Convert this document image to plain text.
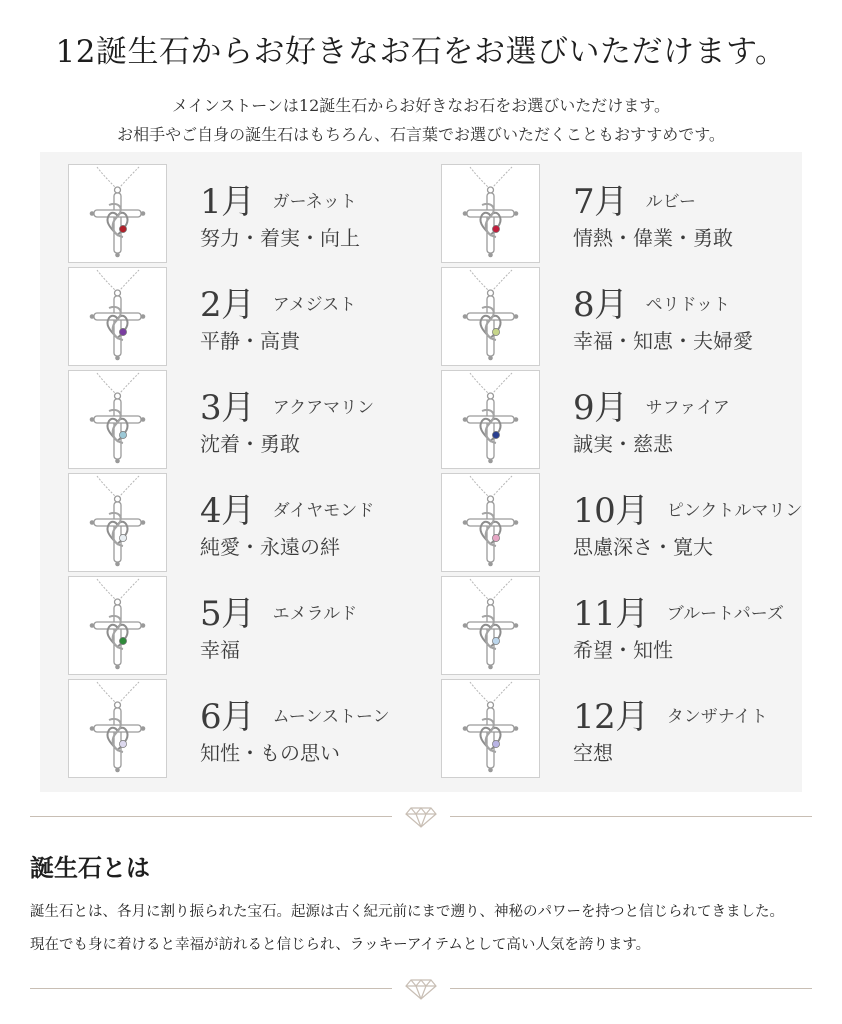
12誕生石からお好きなお石をお選びいただけます。

メインストーンは12誕生石からお好きなお石をお選びいただけます。

お相手やご自身の誕生石はもちろん、石言葉でお選びいただくこともおすすめです。

1月 ガーネット
努力・着実・向上
2月 アメジスト
平静・高貴
3月 アクアマリン
沈着・勇敢
4月 ダイヤモンド
純愛・永遠の絆
5月 エメラルド
幸福
6月 ムーンストーン
知性・もの思い
7月 ルビー
情熱・偉業・勇敢
8月 ペリドット
幸福・知恵・夫婦愛
9月 サファイア
誠実・慈悲
10月 ピンクトルマリン
思慮深さ・寛大
11月 ブルートパーズ
希望・知性
12月 タンザナイト
空想
誕生石とは

誕生石とは、各月に割り振られた宝石。起源は古く紀元前にまで遡り、神秘のパワーを持つと信じられてきました。

現在でも身に着けると幸福が訪れると信じられ、ラッキーアイテムとして高い人気を誇ります。
